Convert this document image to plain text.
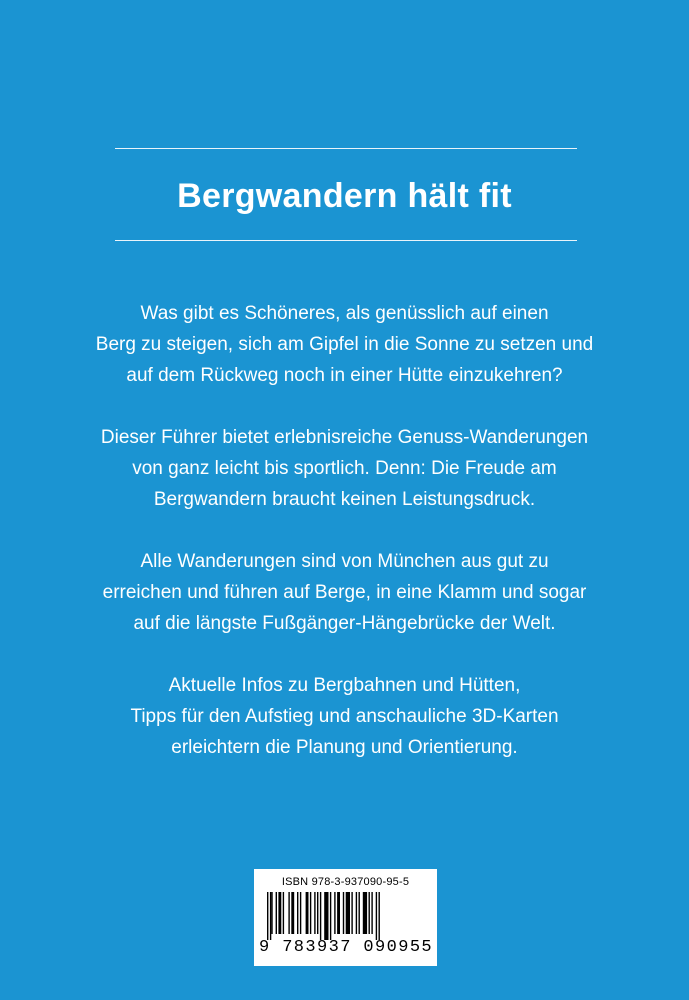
Bergwandern hält fit

Was gibt es Schöneres, als genüsslich auf einen
Berg zu steigen, sich am Gipfel in die Sonne zu setzen und
auf dem Rückweg noch in einer Hütte einzukehren?

Dieser Führer bietet erlebnisreiche Genuss-Wanderungen
von ganz leicht bis sportlich. Denn: Die Freude am
Bergwandern braucht keinen Leistungsdruck.

Alle Wanderungen sind von München aus gut zu
erreichen und führen auf Berge, in eine Klamm und sogar
auf die längste Fußgänger-Hängebrücke der Welt.

Aktuelle Infos zu Bergbahnen und Hütten,
Tipps für den Aufstieg und anschauliche 3D-Karten
erleichtern die Planung und Orientierung.

ISBN 978-3-937090-95-5
9 783937 090955
